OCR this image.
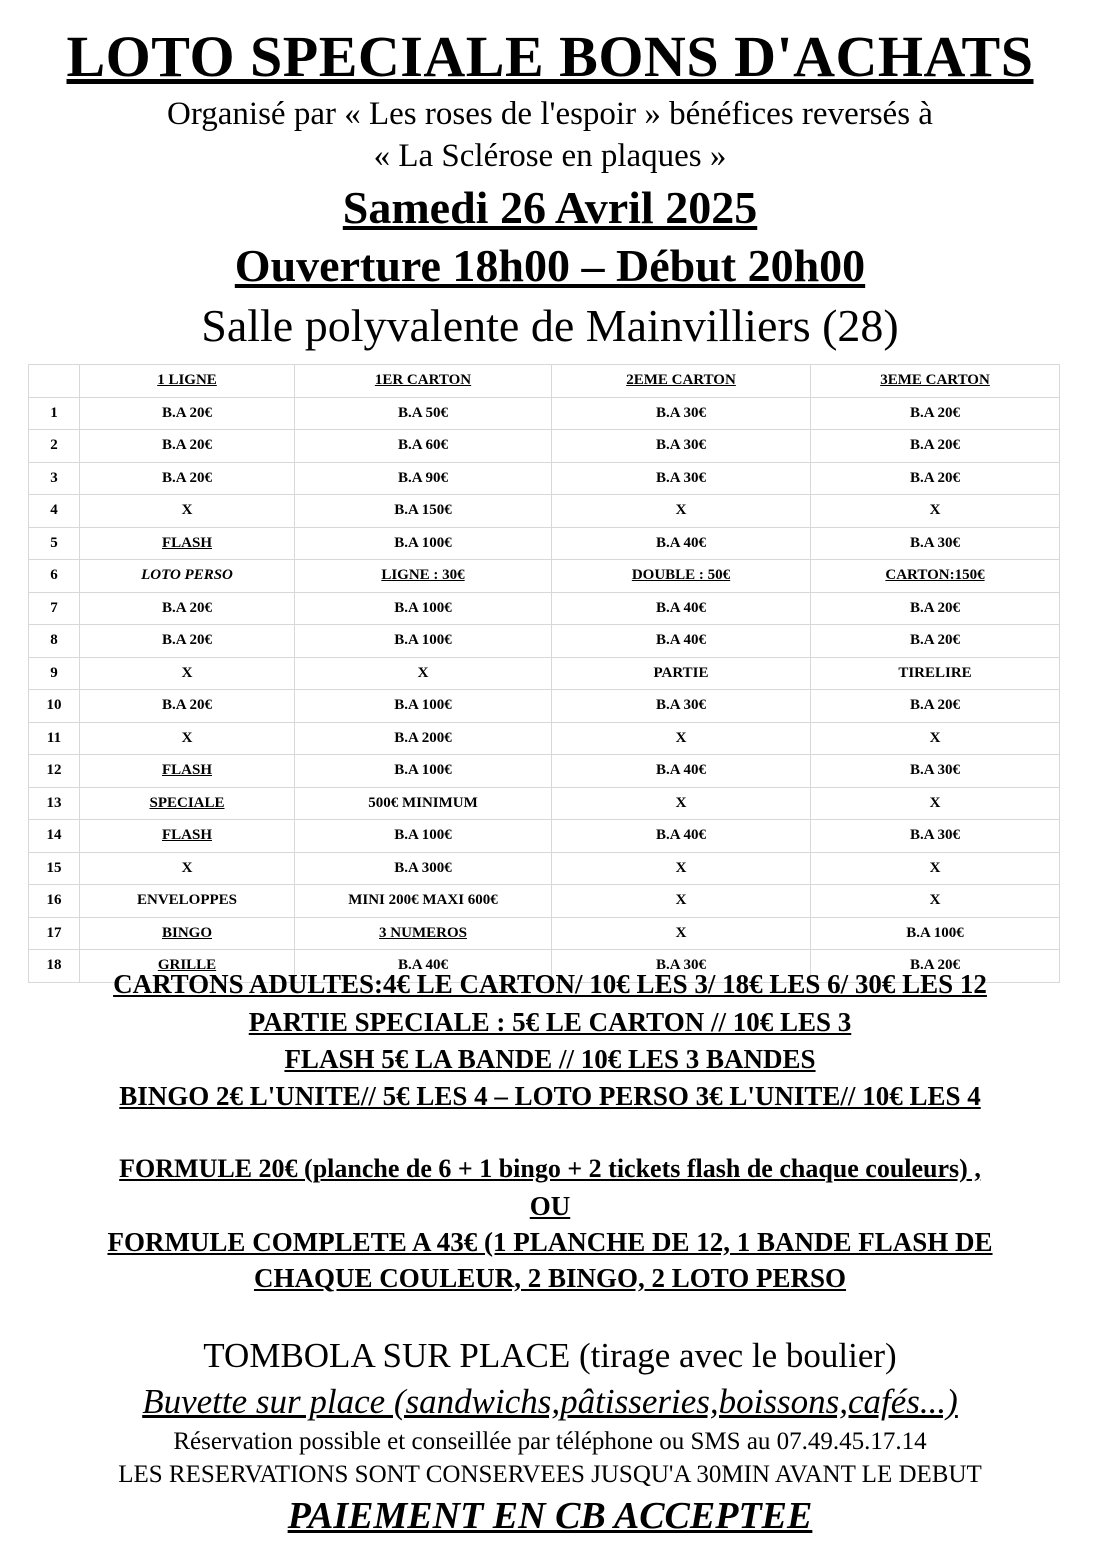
LOTO SPECIALE BONS D'ACHATS
Organisé par « Les roses de l'espoir » bénéfices reversés à
« La Sclérose en plaques »
Samedi 26 Avril 2025
Ouverture 18h00 – Début 20h00
Salle polyvalente de Mainvilliers (28)
	1 LIGNE	1ER CARTON	2EME CARTON	3EME CARTON
1	B.A 20€	B.A 50€	B.A 30€	B.A 20€
2	B.A 20€	B.A 60€	B.A 30€	B.A 20€
3	B.A 20€	B.A 90€	B.A 30€	B.A 20€
4	X	B.A 150€	X	X
5	FLASH	B.A 100€	B.A 40€	B.A 30€
6	LOTO PERSO	LIGNE : 30€	DOUBLE : 50€	CARTON:150€
7	B.A 20€	B.A 100€	B.A 40€	B.A 20€
8	B.A 20€	B.A 100€	B.A 40€	B.A 20€
9	X	X	PARTIE	TIRELIRE
10	B.A 20€	B.A 100€	B.A 30€	B.A 20€
11	X	B.A 200€	X	X
12	FLASH	B.A 100€	B.A 40€	B.A 30€
13	SPECIALE	500€ MINIMUM	X	X
14	FLASH	B.A 100€	B.A 40€	B.A 30€
15	X	B.A 300€	X	X
16	ENVELOPPES	MINI 200€ MAXI 600€	X	X
17	BINGO	3 NUMEROS	X	B.A 100€
18	GRILLE	B.A 40€	B.A 30€	B.A 20€
CARTONS ADULTES:4€ LE CARTON/ 10€ LES 3/ 18€ LES 6/ 30€ LES 12
PARTIE SPECIALE : 5€ LE CARTON // 10€ LES 3
FLASH 5€ LA BANDE // 10€ LES 3 BANDES
BINGO 2€ L'UNITE// 5€ LES 4 – LOTO PERSO 3€ L'UNITE// 10€ LES 4
FORMULE 20€ (planche de 6 + 1 bingo + 2 tickets flash de chaque couleurs) ,
OU
FORMULE COMPLETE A 43€ (1 PLANCHE DE 12, 1 BANDE FLASH DE
CHAQUE COULEUR, 2 BINGO, 2 LOTO PERSO
TOMBOLA SUR PLACE (tirage avec le boulier)
Buvette sur place (sandwichs,pâtisseries,boissons,cafés...)
Réservation possible et conseillée par téléphone ou SMS au 07.49.45.17.14
LES RESERVATIONS SONT CONSERVEES JUSQU'A 30MIN AVANT LE DEBUT
PAIEMENT EN CB ACCEPTEE
